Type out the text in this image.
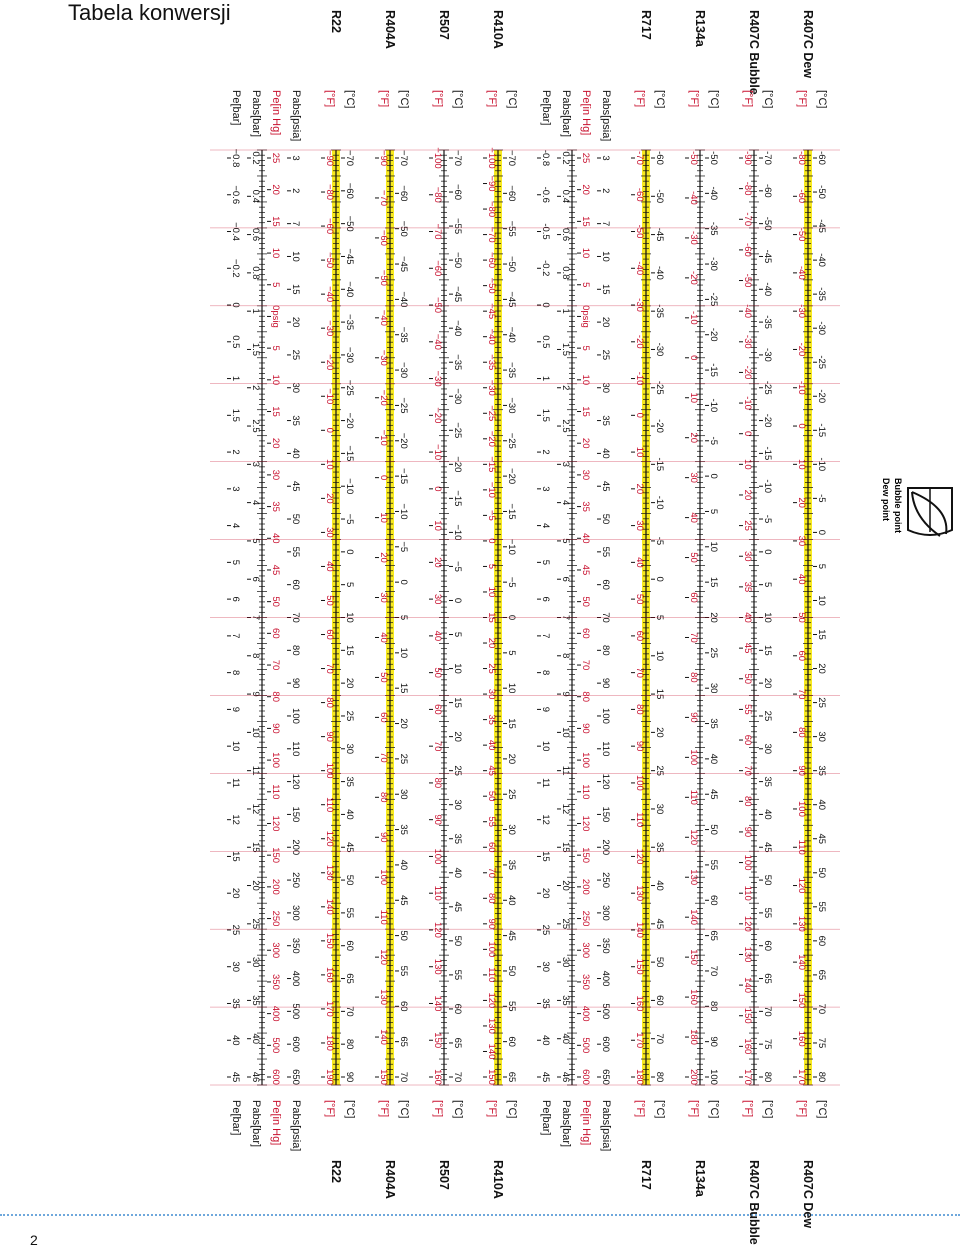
Tabela konwersji
2
Bubble point
Dew point
R407C Dew
R407C Dew
[°C]
[°C]
-60
-50
-45
-40
-35
-30
-25
-20
-15
-10
-5
0
5
10
15
20
25
30
35
40
45
50
55
60
65
70
75
80
[°F]
[°F]
-80
-60
-50
-40
-30
-20
-10
0
10
20
30
40
50
60
70
80
90
100
110
120
130
140
150
160
170
R407C Bubble
R407C Bubble
[°C]
[°C]
-70
-60
-50
-45
-40
-35
-30
-25
-20
-15
-10
-5
0
5
10
15
20
25
30
35
40
45
50
55
60
65
70
75
80
[°F]
[°F]
-90
-80
-70
-60
-50
-40
-30
-20
-10
0
10
20
25
30
35
40
45
50
55
60
70
80
90
100
110
120
130
140
150
160
170
R134a
R134a
[°C]
[°C]
-50
-40
-35
-30
-25
-20
-15
-10
-5
0
5
10
15
20
25
30
35
40
45
50
55
60
65
70
80
90
100
[°F]
[°F]
-50
-40
-30
-20
-10
0
10
20
30
40
50
60
70
80
90
100
110
120
130
140
150
160
180
200
R717
R717
[°C]
[°C]
-60
-50
-45
-40
-35
-30
-25
-20
-15
-10
-5
0
5
10
15
20
25
30
35
40
45
50
60
70
80
[°F]
[°F]
-70
-60
-50
-40
-30
-20
-10
0
10
20
30
40
50
60
70
80
90
100
110
120
130
140
150
160
170
180
Pabs[psia]
Pabs[psia]
3
2
7
10
15
20
25
30
35
40
45
50
55
60
70
80
90
100
110
120
150
200
250
300
350
400
500
600
650
Pe[in Hg]
Pe[in Hg]
25
20
15
10
5
0psig
5
10
15
20
30
35
40
45
50
60
70
80
90
100
110
120
150
200
250
300
350
400
500
600
Pabs[bar]
Pabs[bar]
0.2
0.4
0.6
0.8
1
1.5
2
2.5
3
4
5
6
7
8
9
10
11
12
15
20
25
30
35
40
46
Pe[bar]
Pe[bar]
-0.8
-0.6
-0.5
-0.2
0
0.5
1
1.5
2
3
4
5
6
7
8
9
10
11
12
15
20
25
30
35
40
45
R410A
R410A
[°C]
[°C]
−70
−60
−55
−50
−45
−40
−35
−30
−25
−20
−15
−10
−5
0
5
10
15
20
25
30
35
40
45
50
55
60
65
[°F]
[°F]
−100
−90
−80
−70
−60
−50
−45
−40
−35
−30
−25
−20
−15
−10
−5
0
5
10
15
20
25
30
35
40
45
50
55
60
70
80
90
100
110
120
130
140
150
R507
R507
[°C]
[°C]
−70
−60
−55
−50
−45
−40
−35
−30
−25
−20
−15
−10
−5
0
5
10
15
20
25
30
35
40
45
50
55
60
65
70
[°F]
[°F]
−100
−80
−70
−60
−50
−40
−30
−20
−10
0
10
20
30
40
50
60
70
80
90
100
110
120
130
140
150
160
R404A
R404A
[°C]
[°C]
−70
−60
−50
−45
−40
−35
−30
−25
−20
−15
−10
−5
0
5
10
15
20
25
30
35
40
45
50
55
60
65
70
[°F]
[°F]
−90
−70
−60
−50
−40
−30
−20
−10
0
10
20
30
40
50
60
70
80
90
100
110
120
130
140
150
R22
R22
[°C]
[°C]
−70
−60
−50
−45
−40
−35
−30
−25
−20
−15
−10
−5
0
5
10
15
20
25
30
35
40
45
50
55
60
65
70
80
90
[°F]
[°F]
−90
−80
−60
−50
−40
−30
−20
−10
0
10
20
30
40
50
60
70
80
90
100
110
120
130
140
150
160
170
180
190
Pabs[psia]
Pabs[psia]
3
2
7
10
15
20
25
30
35
40
45
50
55
60
70
80
90
100
110
120
150
200
250
300
350
400
500
600
650
Pe[in Hg]
Pe[in Hg]
25
20
15
10
5
0psig
5
10
15
20
30
35
40
45
50
60
70
80
90
100
110
120
150
200
250
300
350
400
500
600
Pabs[bar]
Pabs[bar]
0.2
0.4
0.6
0.8
1
1.5
2
2.5
3
4
5
6
7
8
9
10
11
12
15
20
25
30
35
40
46
Pe[bar]
Pe[bar]
−0.8
−0.6
−0.4
−0.2
0
0.5
1
1.5
2
3
4
5
6
7
8
9
10
11
12
15
20
25
30
35
40
45
